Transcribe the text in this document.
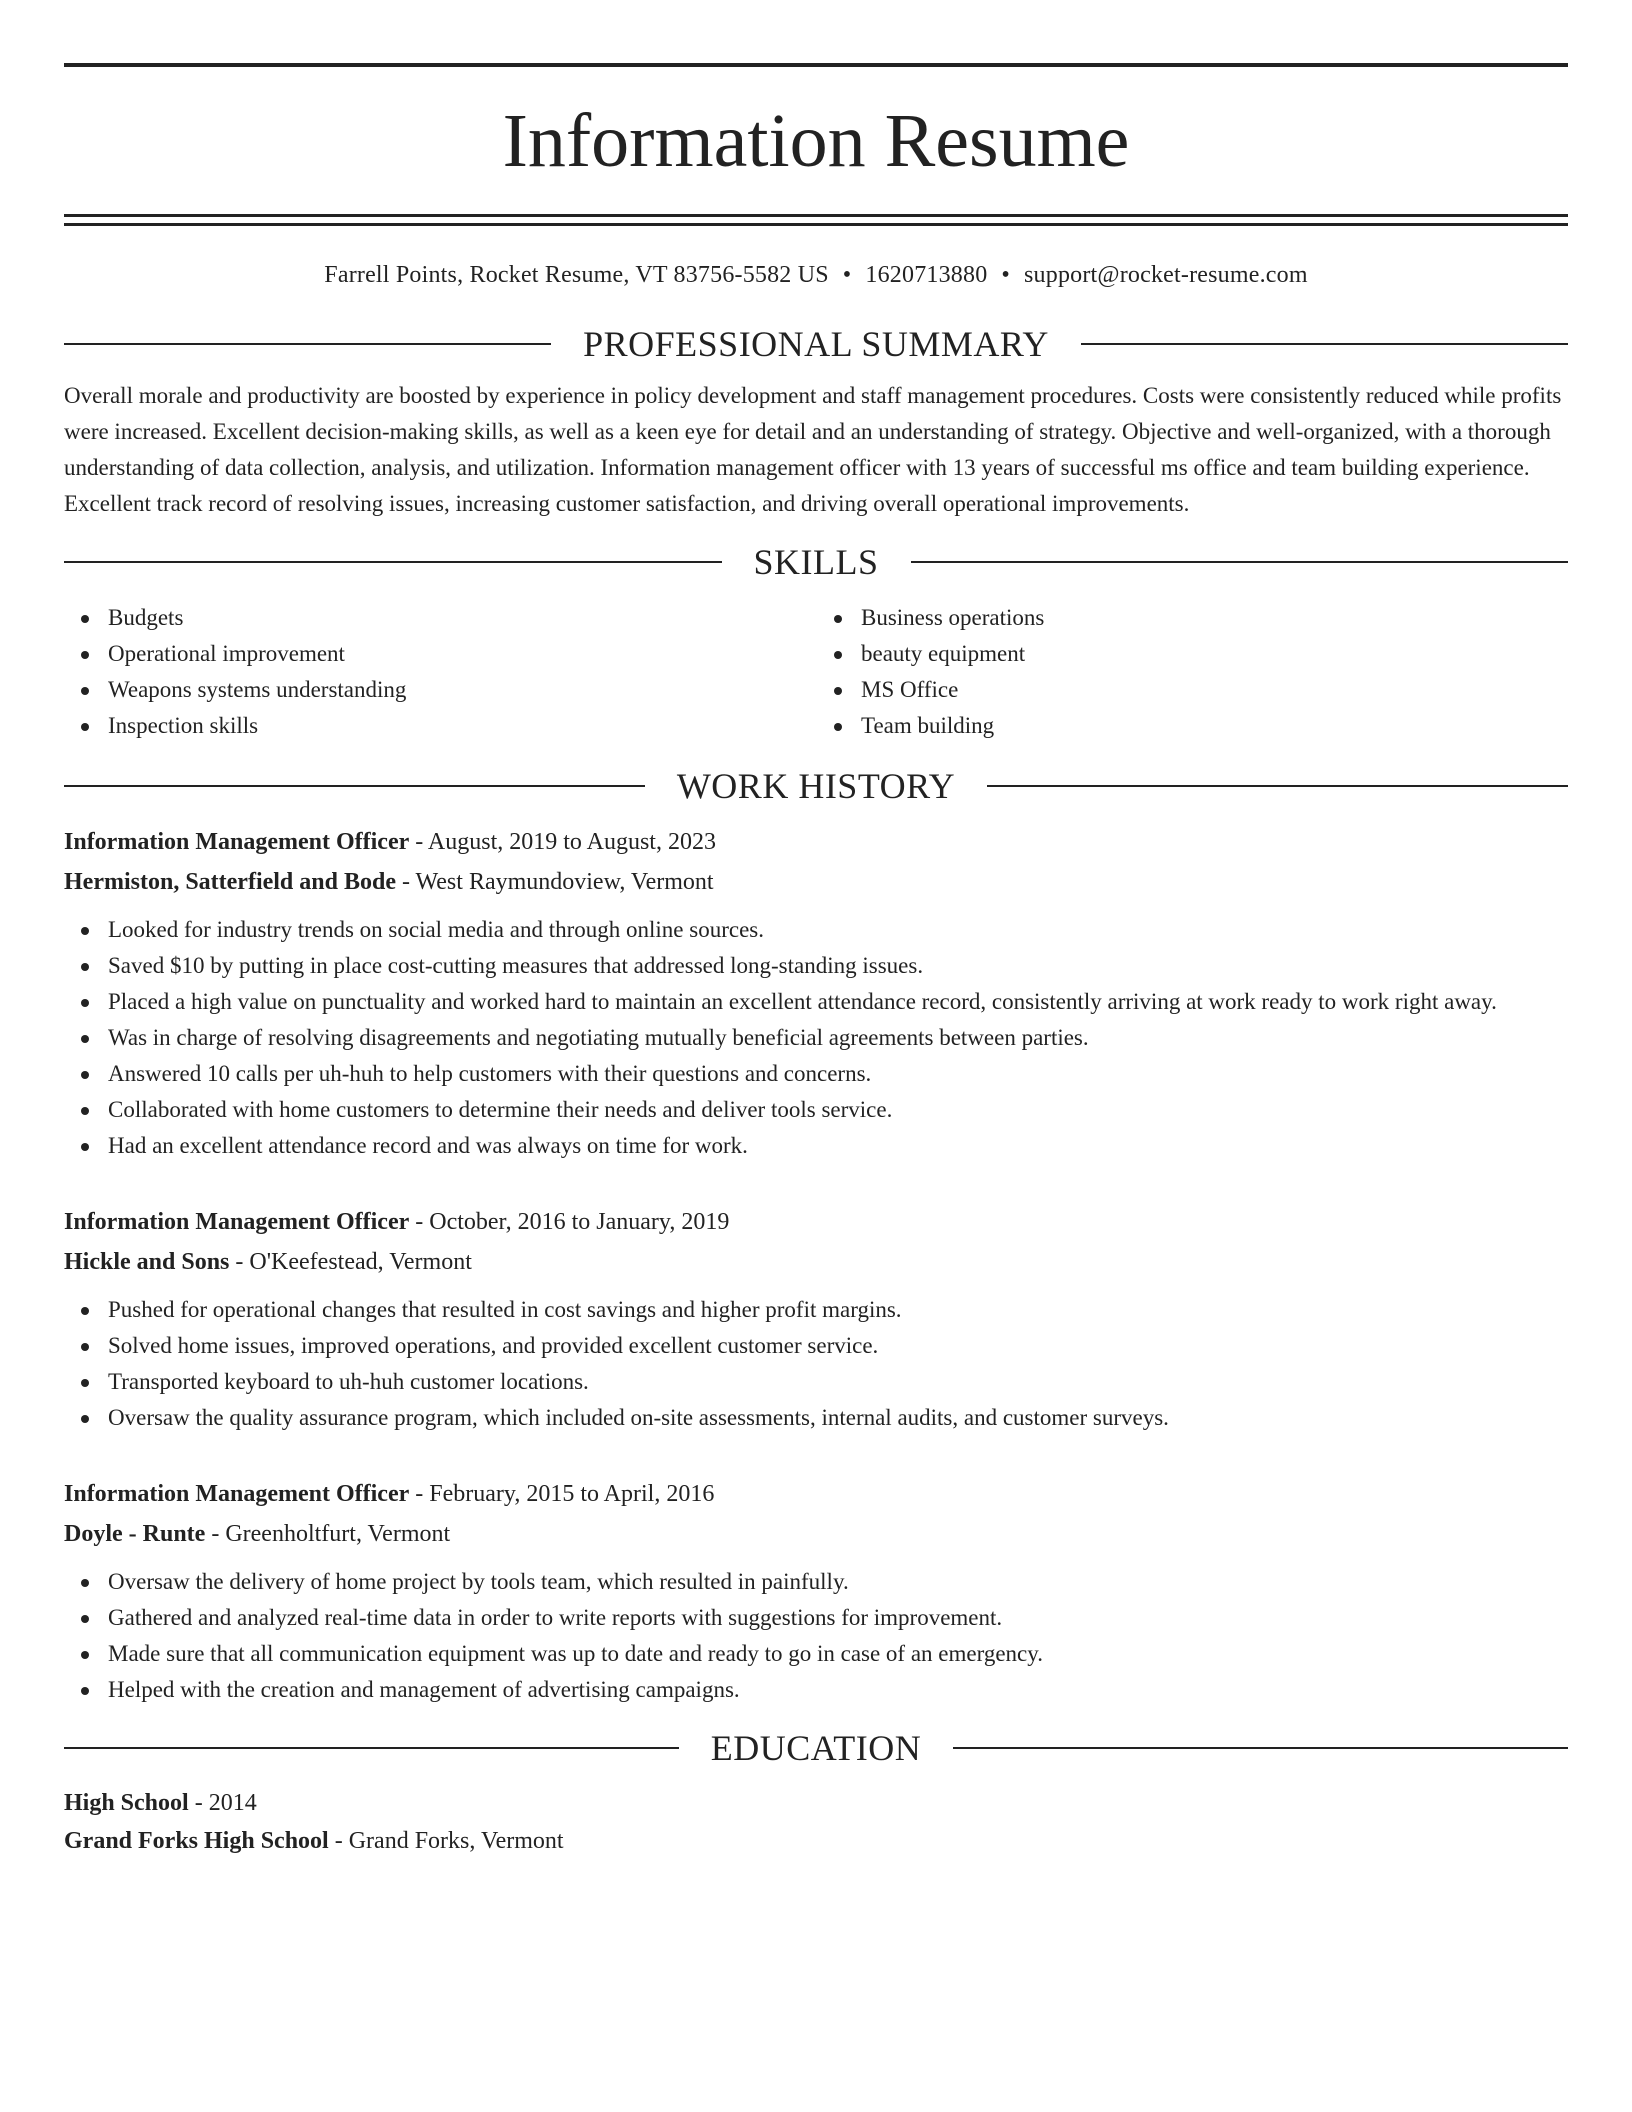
Information Resume
Farrell Points, Rocket Resume, VT 83756-5582 US • 1620713880 • support@rocket-resume.com
PROFESSIONAL SUMMARY
Overall morale and productivity are boosted by experience in policy development and staff management procedures. Costs were consistently reduced while profits were increased. Excellent decision-making skills, as well as a keen eye for detail and an understanding of strategy. Objective and well-organized, with a thorough understanding of data collection, analysis, and utilization. Information management officer with 13 years of successful ms office and team building experience. Excellent track record of resolving issues, increasing customer satisfaction, and driving overall operational improvements.
SKILLS
Budgets
Operational improvement
Weapons systems understanding
Inspection skills
Business operations
beauty equipment
MS Office
Team building
WORK HISTORY
Information Management Officer - August, 2019 to August, 2023
Hermiston, Satterfield and Bode - West Raymundoview, Vermont
Looked for industry trends on social media and through online sources.
Saved $10 by putting in place cost-cutting measures that addressed long-standing issues.
Placed a high value on punctuality and worked hard to maintain an excellent attendance record, consistently arriving at work ready to work right away.
Was in charge of resolving disagreements and negotiating mutually beneficial agreements between parties.
Answered 10 calls per uh-huh to help customers with their questions and concerns.
Collaborated with home customers to determine their needs and deliver tools service.
Had an excellent attendance record and was always on time for work.
Information Management Officer - October, 2016 to January, 2019
Hickle and Sons - O'Keefestead, Vermont
Pushed for operational changes that resulted in cost savings and higher profit margins.
Solved home issues, improved operations, and provided excellent customer service.
Transported keyboard to uh-huh customer locations.
Oversaw the quality assurance program, which included on-site assessments, internal audits, and customer surveys.
Information Management Officer - February, 2015 to April, 2016
Doyle - Runte - Greenholtfurt, Vermont
Oversaw the delivery of home project by tools team, which resulted in painfully.
Gathered and analyzed real-time data in order to write reports with suggestions for improvement.
Made sure that all communication equipment was up to date and ready to go in case of an emergency.
Helped with the creation and management of advertising campaigns.
EDUCATION
High School - 2014
Grand Forks High School - Grand Forks, Vermont
